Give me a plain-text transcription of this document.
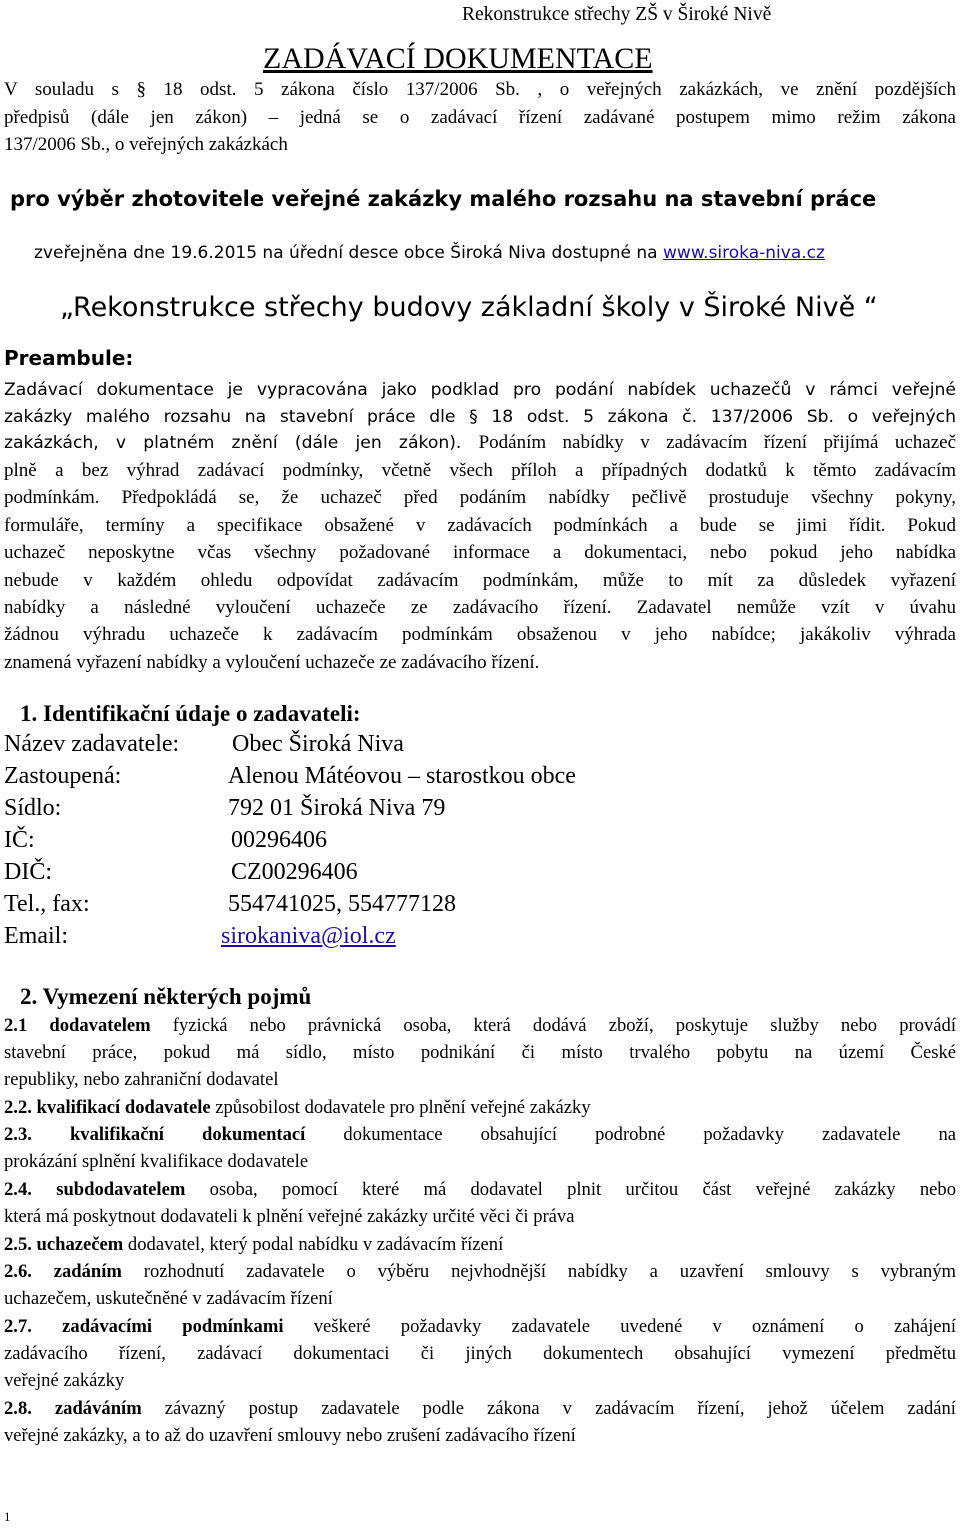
Rekonstrukce střechy ZŠ v Široké Nivě
ZADÁVACÍ DOKUMENTACE
V souladu s § 18 odst. 5 zákona číslo 137/2006 Sb. , o veřejných zakázkách, ve znění pozdějších
předpisů (dále jen zákon) – jedná se o zadávací řízení zadávané postupem mimo režim zákona
137/2006 Sb., o veřejných zakázkách
pro výběr zhotovitele veřejné zakázky malého rozsahu na stavební práce
zveřejněna dne 19.6.2015 na úřední desce obce Široká Niva dostupné na www.siroka-niva.cz
„Rekonstrukce střechy budovy základní školy v Široké Nivě “
Preambule:
Zadávací dokumentace je vypracována jako podklad pro podání nabídek uchazečů v rámci veřejné
zakázky malého rozsahu na stavební práce dle § 18 odst. 5 zákona č. 137/2006 Sb. o veřejných
zakázkách, v platném znění (dále jen zákon). Podáním nabídky v zadávacím řízení přijímá uchazeč
plně a bez výhrad zadávací podmínky, včetně všech příloh a případných dodatků k těmto zadávacím
podmínkám. Předpokládá se, že uchazeč před podáním nabídky pečlivě prostuduje všechny pokyny,
formuláře, termíny a specifikace obsažené v zadávacích podmínkách a bude se jimi řídit. Pokud
uchazeč neposkytne včas všechny požadované informace a dokumentaci, nebo pokud jeho nabídka
nebude v každém ohledu odpovídat zadávacím podmínkám, může to mít za důsledek vyřazení
nabídky a následné vyloučení uchazeče ze zadávacího řízení. Zadavatel nemůže vzít v úvahu
žádnou výhradu uchazeče k zadávacím podmínkám obsaženou v jeho nabídce; jakákoliv výhrada
znamená vyřazení nabídky a vyloučení uchazeče ze zadávacího řízení.
1. Identifikační údaje o zadavateli:
Název zadavatele: Obec Široká Niva
Zastoupená:	Alenou Mátéovou – starostkou obce
Sídlo:	792 01 Široká Niva 79
IČ:	00296406
DIČ:	CZ00296406
Tel., fax:	554741025, 554777128
Email:	sirokaniva@iol.cz
2. Vymezení některých pojmů
2.1 dodavatelem fyzická nebo právnická osoba, která dodává zboží, poskytuje služby nebo provádí
stavební práce, pokud má sídlo, místo podnikání či místo trvalého pobytu na území České
republiky, nebo zahraniční dodavatel
2.2. kvalifikací dodavatele způsobilost dodavatele pro plnění veřejné zakázky
2.3. kvalifikační dokumentací dokumentace obsahující podrobné požadavky zadavatele na
prokázání splnění kvalifikace dodavatele
2.4. subdodavatelem osoba, pomocí které má dodavatel plnit určitou část veřejné zakázky nebo
která má poskytnout dodavateli k plnění veřejné zakázky určité věci či práva
2.5. uchazečem dodavatel, který podal nabídku v zadávacím řízení
2.6. zadáním rozhodnutí zadavatele o výběru nejvhodnější nabídky a uzavření smlouvy s vybraným
uchazečem, uskutečněné v zadávacím řízení
2.7. zadávacími podmínkami veškeré požadavky zadavatele uvedené v oznámení o zahájení
zadávacího řízení, zadávací dokumentaci či jiných dokumentech obsahující vymezení předmětu
veřejné zakázky
2.8. zadáváním závazný postup zadavatele podle zákona v zadávacím řízení, jehož účelem zadání
veřejné zakázky, a to až do uzavření smlouvy nebo zrušení zadávacího řízení
1
